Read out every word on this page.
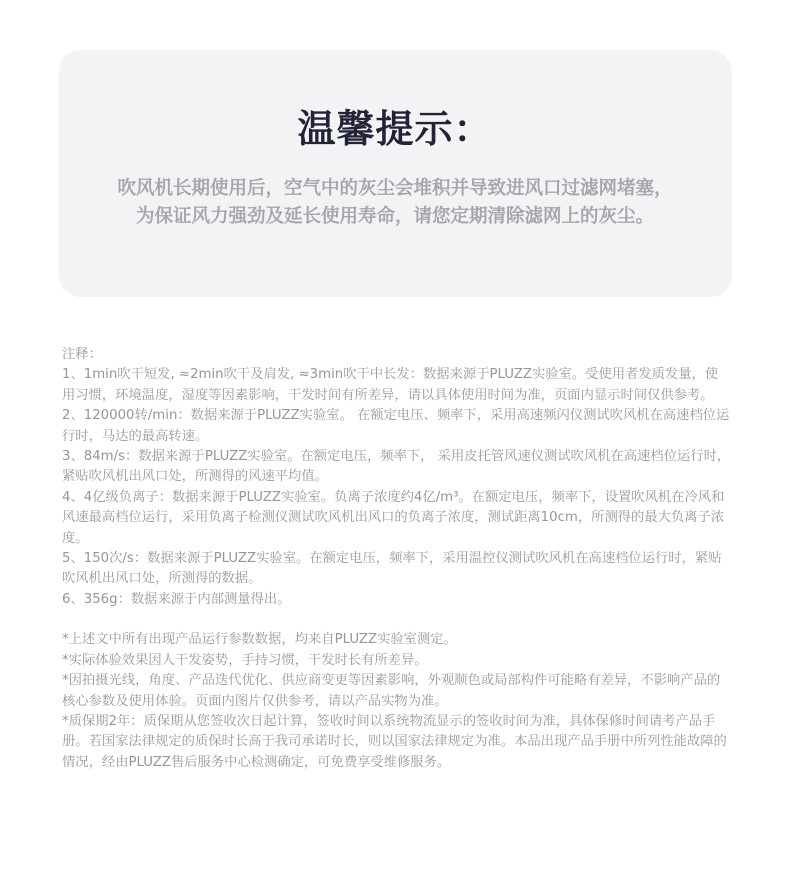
温馨提示：
吹风机长期使用后，空气中的灰尘会堆积并导致进风口过滤网堵塞，
为保证风力强劲及延长使用寿命，请您定期清除滤网上的灰尘。

注释：

1、1min吹干短发, ≈2min吹干及肩发, ≈3min吹干中长发：数据来源于PLUZZ实验室。受使用者发质发量，使用习惯，环境温度，湿度等因素影响，干发时间有所差异，请以具体使用时间为准，页面内显示时间仅供参考。

2、120000转/min：数据来源于PLUZZ实验室。 在额定电压、频率下，采用高速频闪仪测试吹风机在高速档位运行时，马达的最高转速。

3、84m/s：数据来源于PLUZZ实验室。在额定电压，频率下， 采用皮托管风速仪测试吹风机在高速档位运行时，紧贴吹风机出风口处，所测得的风速平均值。

4、4亿级负离子：数据来源于PLUZZ实验室。负离子浓度约4亿/m³。在额定电压，频率下，设置吹风机在冷风和风速最高档位运行，采用负离子检测仪测试吹风机出风口的负离子浓度，测试距离10cm，所测得的最大负离子浓度。

5、150次/s：数据来源于PLUZZ实验室。在额定电压，频率下，采用温控仪测试吹风机在高速档位运行时，紧贴吹风机出风口处，所测得的数据。

6、356g：数据来源于内部测量得出。

*上述文中所有出现产品运行参数数据，均来自PLUZZ实验室测定。

*实际体验效果因人干发姿势，手持习惯，干发时长有所差异。

*因拍摄光线，角度、产品迭代优化、供应商变更等因素影响，外观顺色或局部构件可能略有差异，不影响产品的核心参数及使用体验。页面内图片仅供参考，请以产品实物为准。

*质保期2年：质保期从您签收次日起计算，签收时间以系统物流显示的签收时间为准，具体保修时间请考产品手册。若国家法律规定的质保时长高于我司承诺时长，则以国家法律规定为准。本品出现产品手册中所列性能故障的情况，经由PLUZZ售后服务中心检测确定，可免费享受维修服务。
